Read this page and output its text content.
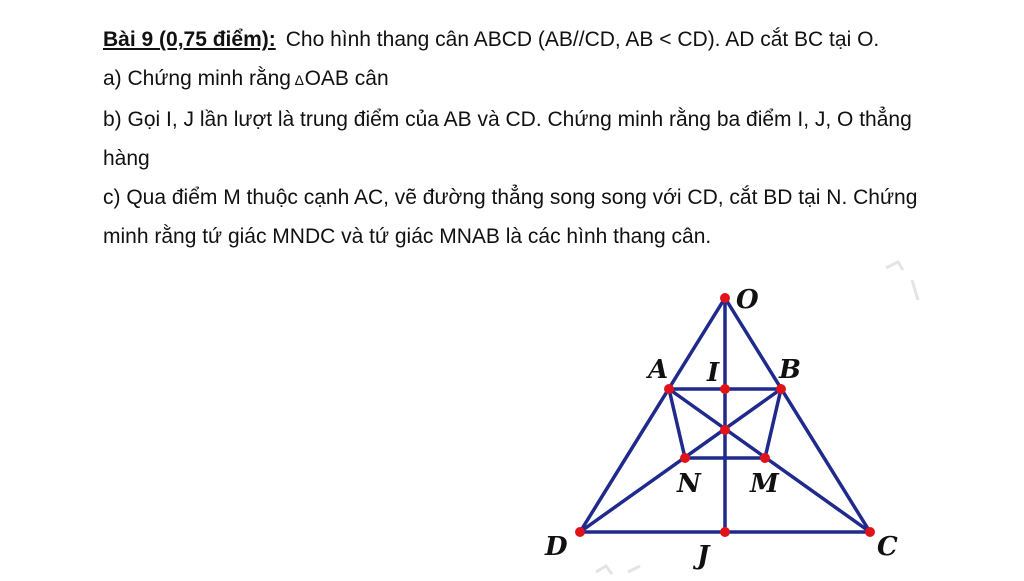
Bài 9 (0,75 điểm): Cho hình thang cân ABCD (AB//CD, AB < CD). AD cắt BC tại O.
a) Chứng minh rằng ∆OAB cân
b) Gọi I, J lần lượt là trung điểm của AB và CD. Chứng minh rằng ba điểm I, J, O thẳng
hàng
c) Qua điểm M thuộc cạnh AC, vẽ đường thẳng song song với CD, cắt BD tại N. Chứng
minh rằng tứ giác MNDC và tứ giác MNAB là các hình thang cân.
O
A I B
N M
D	J	C
